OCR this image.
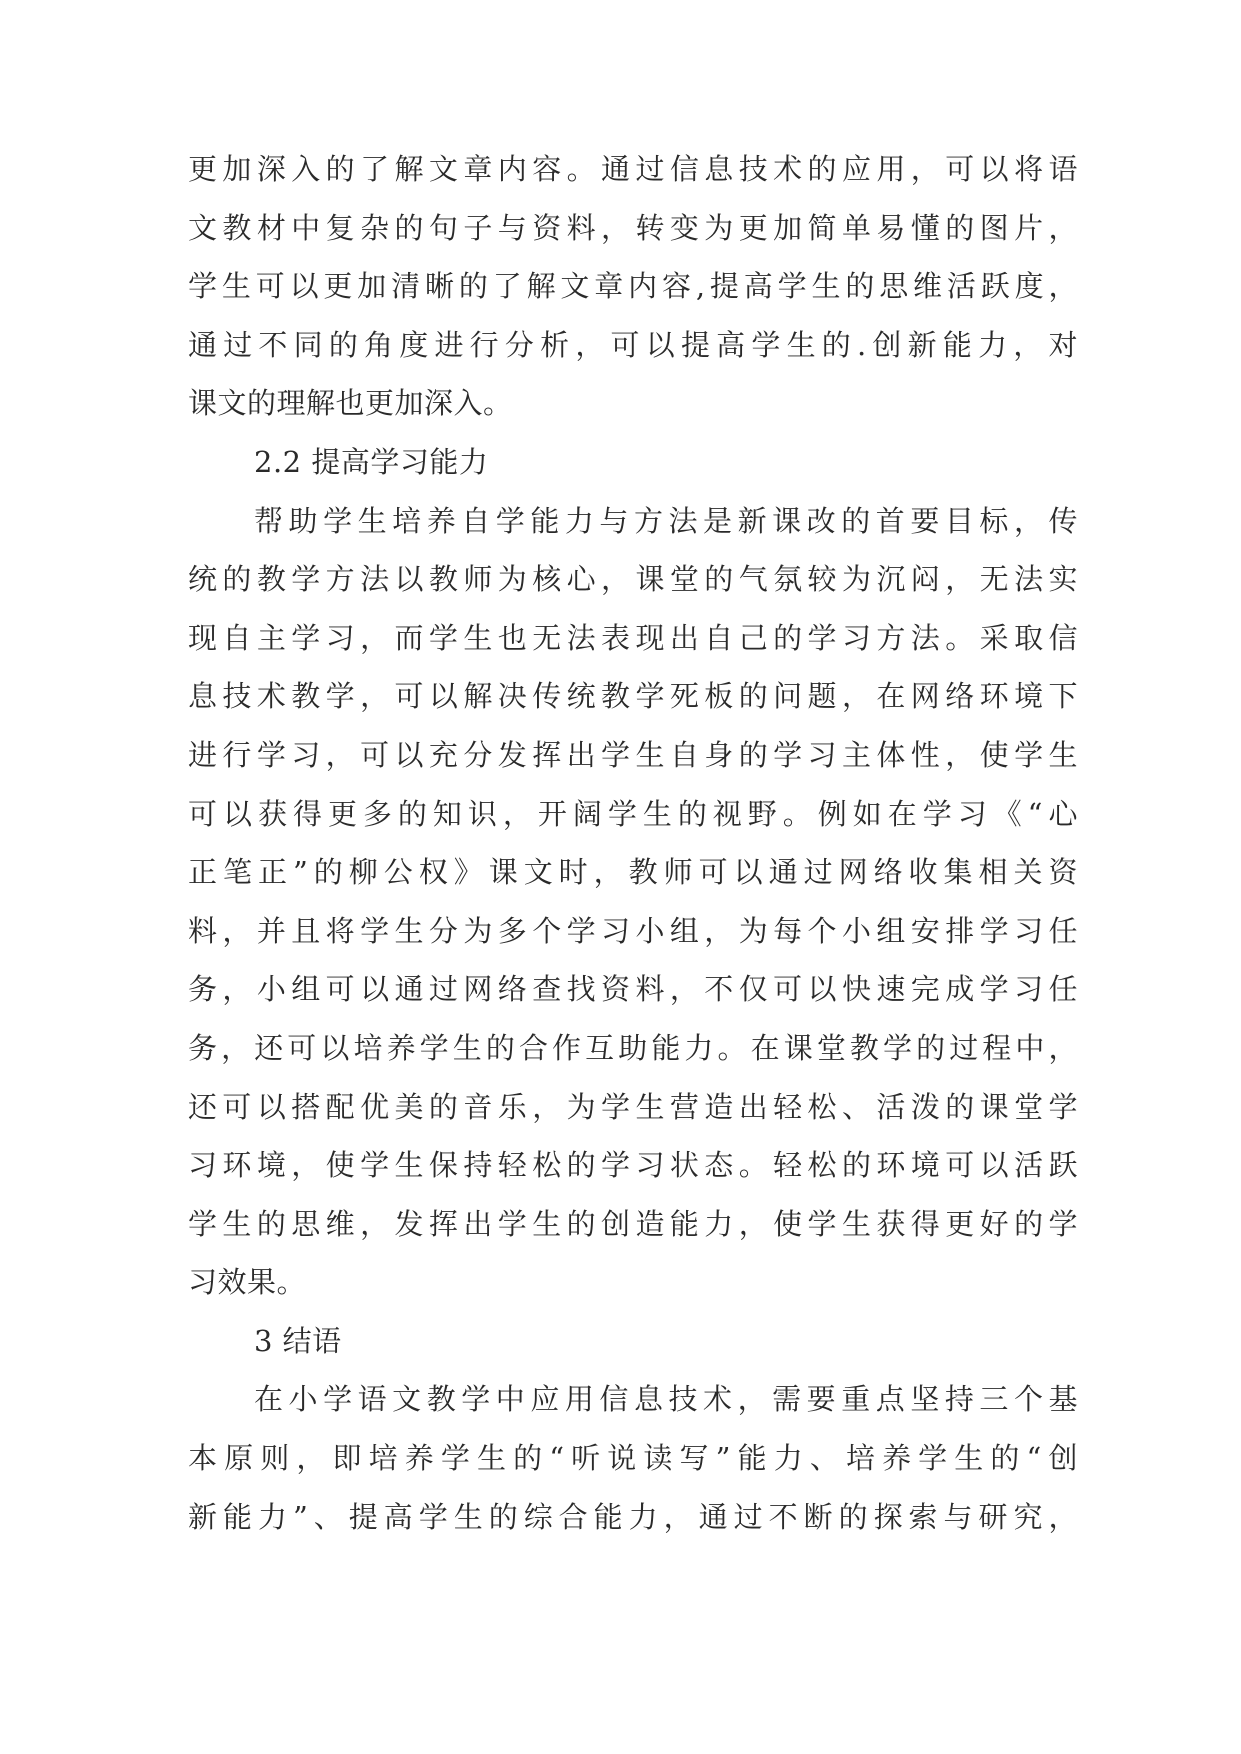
更加深入的了解文章内容。通过信息技术的应用，可以将语
文教材中复杂的句子与资料，转变为更加简单易懂的图片，
学生可以更加清晰的了解文章内容,提高学生的思维活跃度，
通过不同的角度进行分析，可以提高学生的.创新能力，对
课文的理解也更加深入。
2.2 提高学习能力
帮助学生培养自学能力与方法是新课改的首要目标，传
统的教学方法以教师为核心，课堂的气氛较为沉闷，无法实
现自主学习，而学生也无法表现出自己的学习方法。采取信
息技术教学，可以解决传统教学死板的问题，在网络环境下
进行学习，可以充分发挥出学生自身的学习主体性，使学生
可以获得更多的知识，开阔学生的视野。例如在学习《“心
正笔正”的柳公权》课文时，教师可以通过网络收集相关资
料，并且将学生分为多个学习小组，为每个小组安排学习任
务，小组可以通过网络查找资料，不仅可以快速完成学习任
务，还可以培养学生的合作互助能力。在课堂教学的过程中，
还可以搭配优美的音乐，为学生营造出轻松、活泼的课堂学
习环境，使学生保持轻松的学习状态。轻松的环境可以活跃
学生的思维，发挥出学生的创造能力，使学生获得更好的学
习效果。
3 结语
在小学语文教学中应用信息技术，需要重点坚持三个基
本原则，即培养学生的“听说读写”能力、培养学生的“创
新能力”、提高学生的综合能力，通过不断的探索与研究，
